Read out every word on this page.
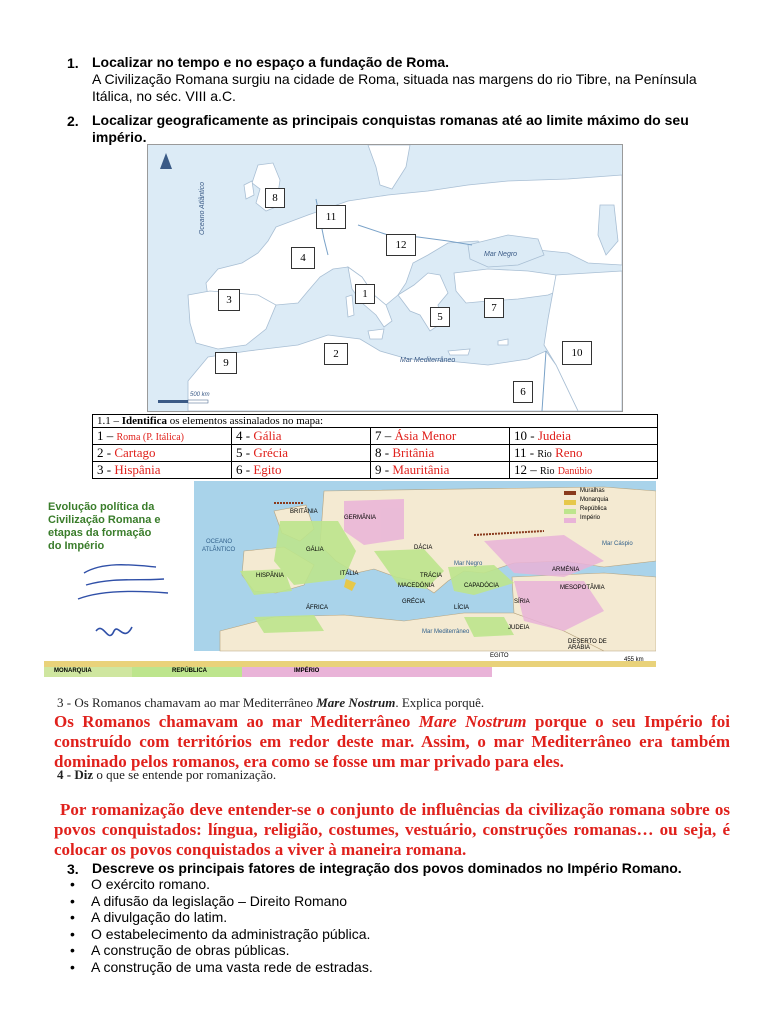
1. Localizar no tempo e no espaço a fundação de Roma.
A Civilização Romana surgiu na cidade de Roma, situada nas margens do rio Tibre, na Península
Itálica, no séc. VIII a.C.
2. Localizar geograficamente as principais conquistas romanas até ao limite máximo do seu
império.
Oceano Atlântico
Mar Negro
Mar Mediterrâneo
500 km
8
11
12
4
1
3
5
7
9
2	10
6
1.1 – Identifica os elementos assinalados no mapa:			
1 – Roma (P. Itálica)	4 - Gália	7 – Ásia Menor	10 - Judeia
2 - Cartago	5 - Grécia	8 - Britânia	11 - Rio Reno
3 - Hispânia	6 - Egito	9 - Mauritânia	12 – Rio Danúbio
Evolução política da
Civilização Romana e
etapas da formação
do Império
Muralhas
Monarquia
República
Império
BRITÂNIA
GERMÂNIA
OCEANO
ATLÂNTICO	GÁLIA	DÁCIA
HISPÂNIA	ITÁLIA	TRÁCIA
Mar Negro
ARMÉNIA
MACEDÓNIA	CAPADÓCIA
Mar Cáspio
GRÉCIA
ÁFRICA	LÍCIA
SÍRIA
Mar Mediterrâneo
JUDEIA
EGITO
DESERTO DE ARÁBIA
MESOPOTÂMIA
MONARQUIA	REPÚBLICA	IMPÉRIO
455 km
3 - Os Romanos chamavam ao mar Mediterrâneo Mare Nostrum. Explica porquê.
Os Romanos chamavam ao mar Mediterrâneo Mare Nostrum porque o seu Império foi construído com territórios em redor deste mar. Assim, o mar Mediterrâneo era também dominado pelos romanos, era como se fosse um mar privado para eles.
4 - Diz o que se entende por romanização.
Por romanização deve entender-se o conjunto de influências da civilização romana sobre os povos conquistados: língua, religião, costumes, vestuário, construções romanas… ou seja, é colocar os povos conquistados a viver à maneira romana.
3. Descreve os principais fatores de integração dos povos dominados no Império Romano.
• O exército romano.
• A difusão da legislação – Direito Romano
• A divulgação do latim.
• O estabelecimento da administração pública.
• A construção de obras públicas.
• A construção de uma vasta rede de estradas.
